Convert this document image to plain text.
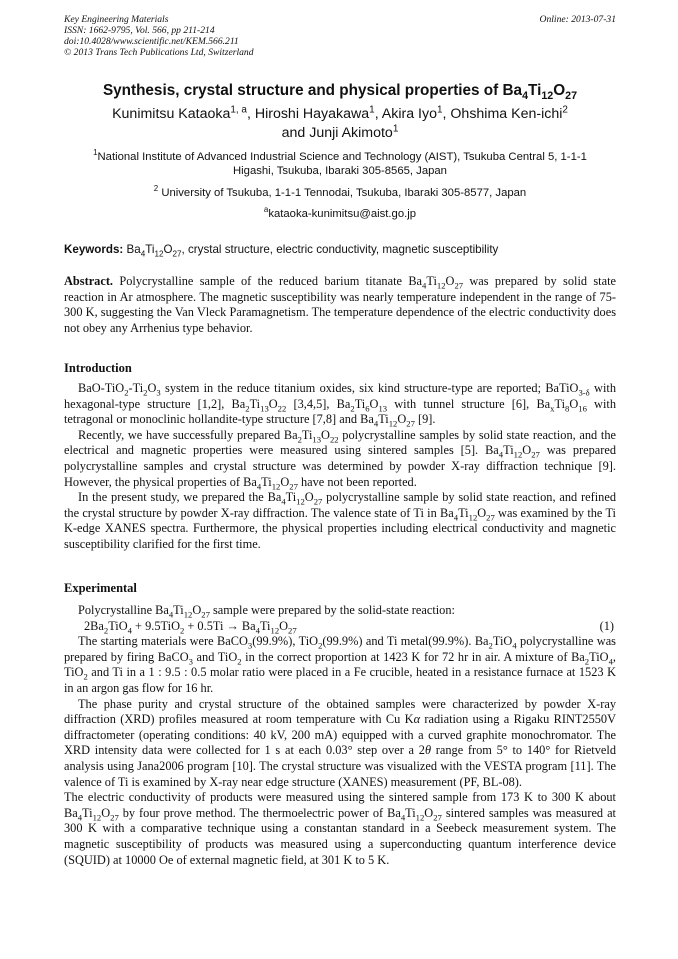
Key Engineering Materials
ISSN: 1662-9795, Vol. 566, pp 211-214
doi:10.4028/www.scientific.net/KEM.566.211
© 2013 Trans Tech Publications Ltd, Switzerland
Online: 2013-07-31
Synthesis, crystal structure and physical properties of $Ba_4Ti_{12}O_{27}$
Kunimitsu Kataoka$^{1, a}$, Hiroshi Hayakawa$^1$, Akira Iyo$^1$, Ohshima Ken-ichi$^2$
and Junji Akimoto$^1$
$^1$National Institute of Advanced Industrial Science and Technology (AIST), Tsukuba Central 5, 1-1-1
Higashi, Tsukuba, Ibaraki 305-8565, Japan
$^2$ University of Tsukuba, 1-1-1 Tennodai, Tsukuba, Ibaraki 305-8577, Japan
$^a$kataoka-kunimitsu@aist.go.jp
Keywords: $Ba_4Ti_{12}O_{27}$, crystal structure, electric conductivity, magnetic susceptibility

Abstract. Polycrystalline sample of the reduced barium titanate $Ba_4Ti_{12}O_{27}$ was prepared by solid state reaction in Ar atmosphere. The magnetic susceptibility was nearly temperature independent in the range of 75-300 K, suggesting the Van Vleck Paramagnetism. The temperature dependence of the electric conductivity does not obey any Arrhenius type behavior.

Introduction

BaO-$TiO_2-Ti_2O_3$ system in the reduce titanium oxides, six kind structure-type are reported; BaTiO$_{3-\delta}$ with hexagonal-type structure [1,2], $Ba_2Ti_{13}O_{22}$ [3,4,5], $Ba_2Ti_6O_{13}$ with tunnel structure [6], $Ba_xTi_8O_{16}$ with tetragonal or monoclinic hollandite-type structure [7,8] and $Ba_4Ti_{12}O_{27}$ [9].

Recently, we have successfully prepared $Ba_2Ti_{13}O_{22}$ polycrystalline samples by solid state reaction, and the electrical and magnetic properties were measured using sintered samples [5]. $Ba_4Ti_{12}O_{27}$ was prepared polycrystalline samples and crystal structure was determined by powder X-ray diffraction technique [9]. However, the physical properties of $Ba_4Ti_{12}O_{27}$ have not been reported.

In the present study, we prepared the $Ba_4Ti_{12}O_{27}$ polycrystalline sample by solid state reaction, and refined the crystal structure by powder X-ray diffraction. The valence state of Ti in $Ba_4Ti_{12}O_{27}$ was examined by the Ti K-edge XANES spectra. Furthermore, the physical properties including electrical conductivity and magnetic susceptibility clarified for the first time.

Experimental

Polycrystalline $Ba_4Ti_{12}O_{27}$ sample were prepared by the solid-state reaction:

$2Ba_2TiO_4 + 9.5TiO_2 + 0.5Ti \to Ba_4Ti_{12}O_{27}$	(1)

The starting materials were BaCO$_3$(99.9%), TiO$_2$(99.9%) and Ti metal(99.9%). $Ba_2TiO_4$ polycrystalline was prepared by firing BaCO$_3$ and TiO$_2$ in the correct proportion at 1423 K for 72 hr in air. A mixture of $Ba_2TiO_4$, TiO$_2$ and Ti in a 1 : 9.5 : 0.5 molar ratio were placed in a Fe crucible, heated in a resistance furnace at 1523 K in an argon gas flow for 16 hr.

The phase purity and crystal structure of the obtained samples were characterized by powder X-ray diffraction (XRD) profiles measured at room temperature with Cu Kα radiation using a Rigaku RINT2550V diffractometer (operating conditions: 40 kV, 200 mA) equipped with a curved graphite monochromator. The XRD intensity data were collected for 1 s at each 0.03° step over a 2θ range from 5° to 140° for Rietveld analysis using Jana2006 program [10]. The crystal structure was visualized with the VESTA program [11]. The valence of Ti is examined by X-ray near edge structure (XANES) measurement (PF, BL-08).

The electric conductivity of products were measured using the sintered sample from 173 K to 300 K about $Ba_4Ti_{12}O_{27}$ by four prove method. The thermoelectric power of $Ba_4Ti_{12}O_{27}$ sintered samples was measured at 300 K with a comparative technique using a constantan standard in a Seebeck measurement system. The magnetic susceptibility of products was measured using a superconducting quantum interference device (SQUID) at 10000 Oe of external magnetic field, at 301 K to 5 K.
